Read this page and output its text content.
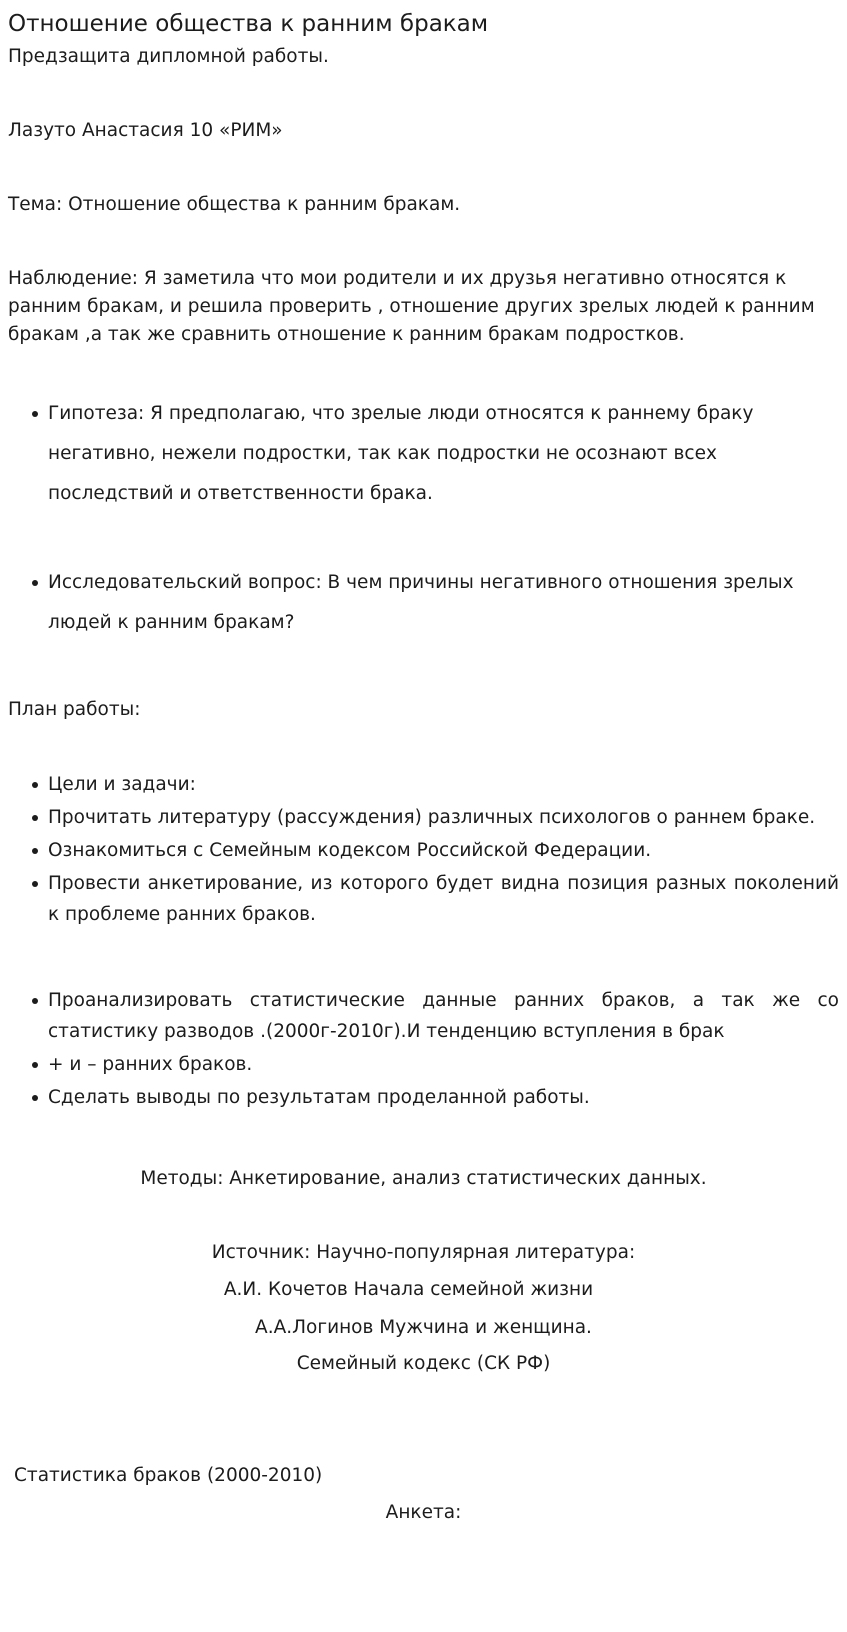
Отношение общества к ранним бракам

Предзащита дипломной работы.

Лазуто Анастасия 10 «РИМ»

Тема: Отношение общества к ранним бракам.

Наблюдение: Я заметила что мои родители и их друзья негативно относятся к ранним бракам, и решила проверить , отношение других зрелых людей к ранним бракам ,а так же сравнить отношение к ранним бракам подростков.

Гипотеза: Я предполагаю, что зрелые люди относятся к раннему браку негативно, нежели подростки, так как подростки не осознают всех последствий и ответственности брака.
Исследовательский вопрос: В чем причины негативного отношения зрелых людей к ранним бракам?

План работы:

Цели и задачи:
Прочитать литературу (рассуждения) различных психологов о раннем браке.
Ознакомиться с Семейным кодексом Российской Федерации.
Провести анкетирование, из которого будет видна позиция разных поколений к проблеме ранних браков.
Проанализировать статистические данные ранних браков, а так же со статистику разводов .(2000г-2010г).И тенденцию вступления в брак
+ и – ранних браков.
Сделать выводы по результатам проделанной работы.

Методы: Анкетирование, анализ статистических данных.

Источник: Научно-популярная литература:

А.И. Кочетов Начала семейной жизни

А.А.Логинов Мужчина и женщина.

Семейный кодекс (СК РФ)

Статистика браков (2000-2010)

Анкета:
